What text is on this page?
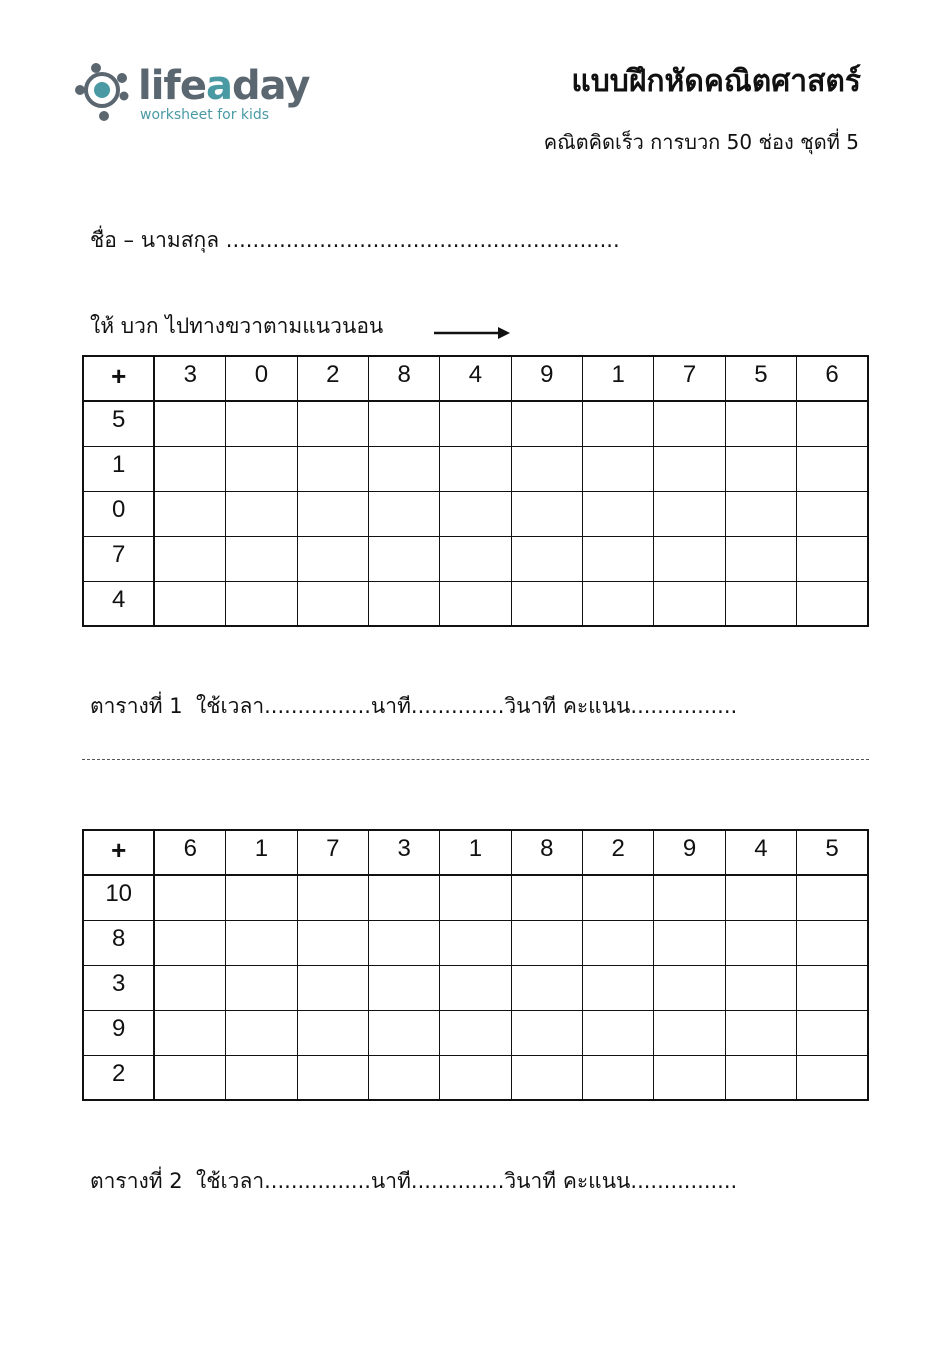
lifeaday
worksheet for kids
แบบฝึกหัดคณิตศาสตร์
คณิตคิดเร็ว การบวก 50 ช่อง ชุดที่ 5
ชื่อ – นามสกุล ...........................................................
ให้ บวก ไปทางขวาตามแนวนอน
+	3	0	2	8	4	9	1	7	5	6
5										
1										
0										
7										
4										
ตารางที่ 1  ใช้เวลา................นาที..............วินาที คะแนน................
+	6	1	7	3	1	8	2	9	4	5
10										
8										
3										
9										
2										
ตารางที่ 2  ใช้เวลา................นาที..............วินาที คะแนน................
